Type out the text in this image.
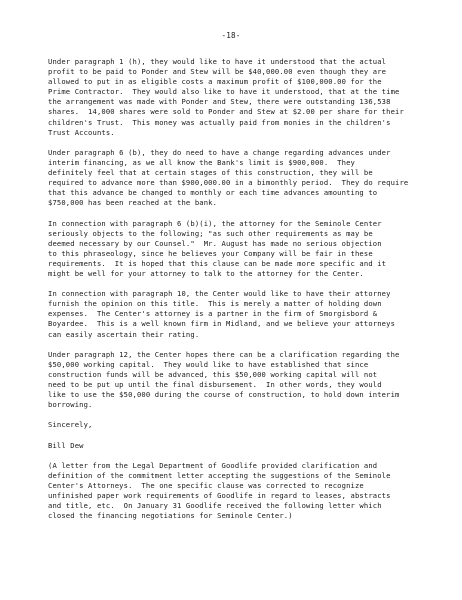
-18-
Under paragraph 1 (h), they would like to have it understood that the actual
profit to be paid to Ponder and Stew will be $40,000.00 even though they are
allowed to put in as eligible costs a maximum profit of $100,000.00 for the
Prime Contractor.  They would also like to have it understood, that at the time
the arrangement was made with Ponder and Stew, there were outstanding 136,538
shares.  14,000 shares were sold to Ponder and Stew at $2.00 per share for their
children's Trust.  This money was actually paid from monies in the children's
Trust Accounts.
Under paragraph 6 (b), they do need to have a change regarding advances under
interim financing, as we all know the Bank's limit is $900,000.  They
definitely feel that at certain stages of this construction, they will be
required to advance more than $900,000.00 in a bimonthly period.  They do require
that this advance be changed to monthly or each time advances amounting to
$750,000 has been reached at the bank.
In connection with paragraph 6 (b)(i), the attorney for the Seminole Center
seriously objects to the following; "as such other requirements as may be
deemed necessary by our Counsel."  Mr. August has made no serious objection
to this phraseology, since he believes your Company will be fair in these
requirements.  It is hoped that this clause can be made more specific and it
might be well for your attorney to talk to the attorney for the Center.
In connection with paragraph 10, the Center would like to have their attorney
furnish the opinion on this title.  This is merely a matter of holding down
expenses.  The Center's attorney is a partner in the firm of Smorgisbord &
Boyardee.  This is a well known firm in Midland, and we believe your attorneys
can easily ascertain their rating.
Under paragraph 12, the Center hopes there can be a clarification regarding the
$50,000 working capital.  They would like to have established that since
construction funds will be advanced, this $50,000 working capital will not
need to be put up until the final disbursement.  In other words, they would
like to use the $50,000 during the course of construction, to hold down interim
borrowing.
Sincerely,
Bill Dew
(A letter from the Legal Department of Goodlife provided clarification and
definition of the commitment letter accepting the suggestions of the Seminole
Center's Attorneys.  The one specific clause was corrected to recognize
unfinished paper work requirements of Goodlife in regard to leases, abstracts
and title, etc.  On January 31 Goodlife received the following letter which
closed the financing negotiations for Seminole Center.)
